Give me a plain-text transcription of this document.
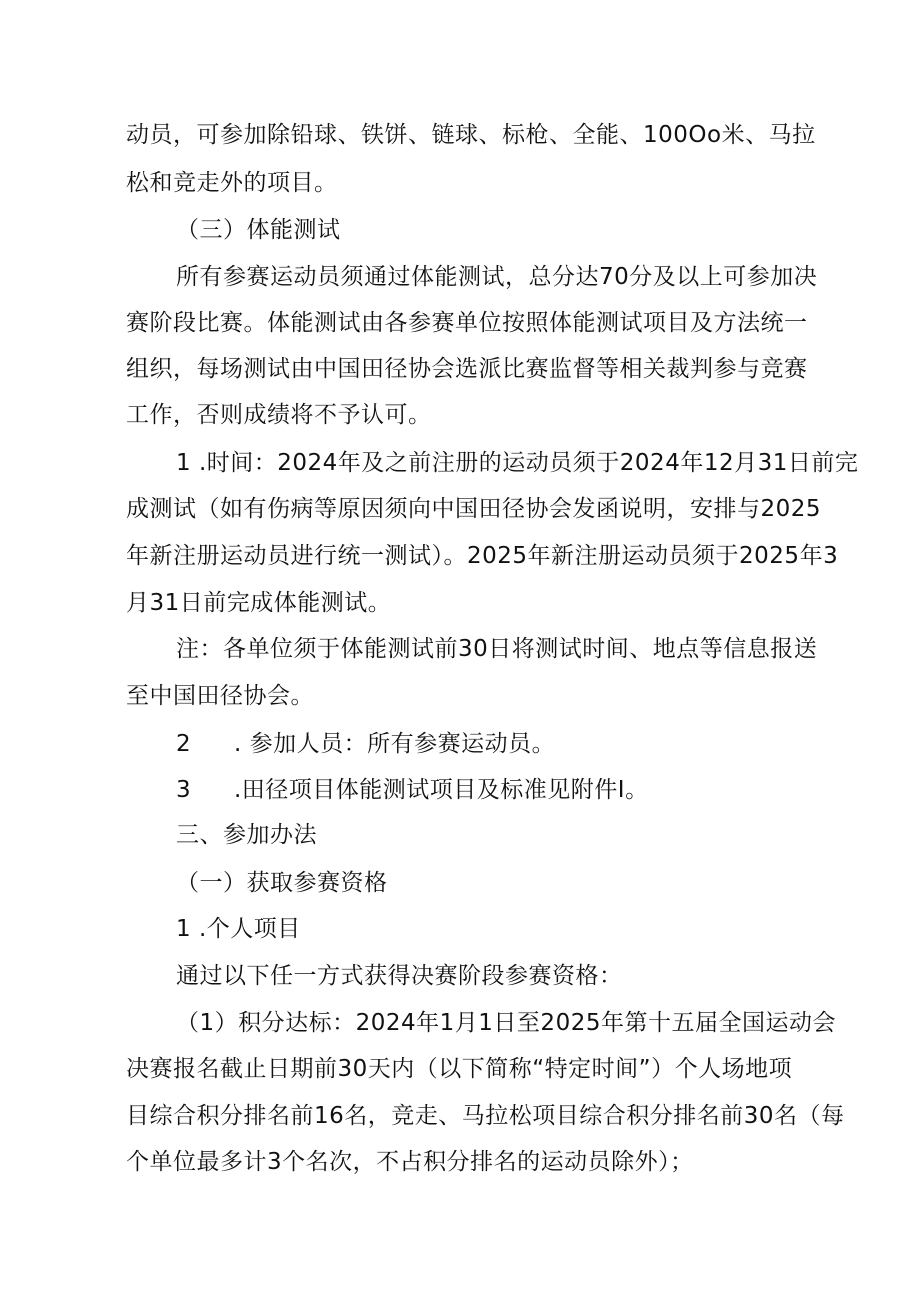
动员，可参加除铅球、铁饼、链球、标枪、全能、100Oo米、马拉
松和竞走外的项目。
（三）体能测试
所有参赛运动员须通过体能测试，总分达70分及以上可参加决
赛阶段比赛。体能测试由各参赛单位按照体能测试项目及方法统一
组织，每场测试由中国田径协会选派比赛监督等相关裁判参与竞赛
工作，否则成绩将不予认可。
1 .时间：2024年及之前注册的运动员须于2024年12月31日前完
成测试（如有伤病等原因须向中国田径协会发函说明，安排与2025
年新注册运动员进行统一测试）。2025年新注册运动员须于2025年3
月31日前完成体能测试。
注：各单位须于体能测试前30日将测试时间、地点等信息报送
至中国田径协会。
2 . 参加人员：所有参赛运动员。
3 .田径项目体能测试项目及标准见附件I。
三、参加办法
（一）获取参赛资格
1 .个人项目
通过以下任一方式获得决赛阶段参赛资格：
（1）积分达标：2024年1月1日至2025年第十五届全国运动会
决赛报名截止日期前30天内（以下简称“特定时间”）个人场地项
目综合积分排名前16名，竞走、马拉松项目综合积分排名前30名（每
个单位最多计3个名次，不占积分排名的运动员除外）；
